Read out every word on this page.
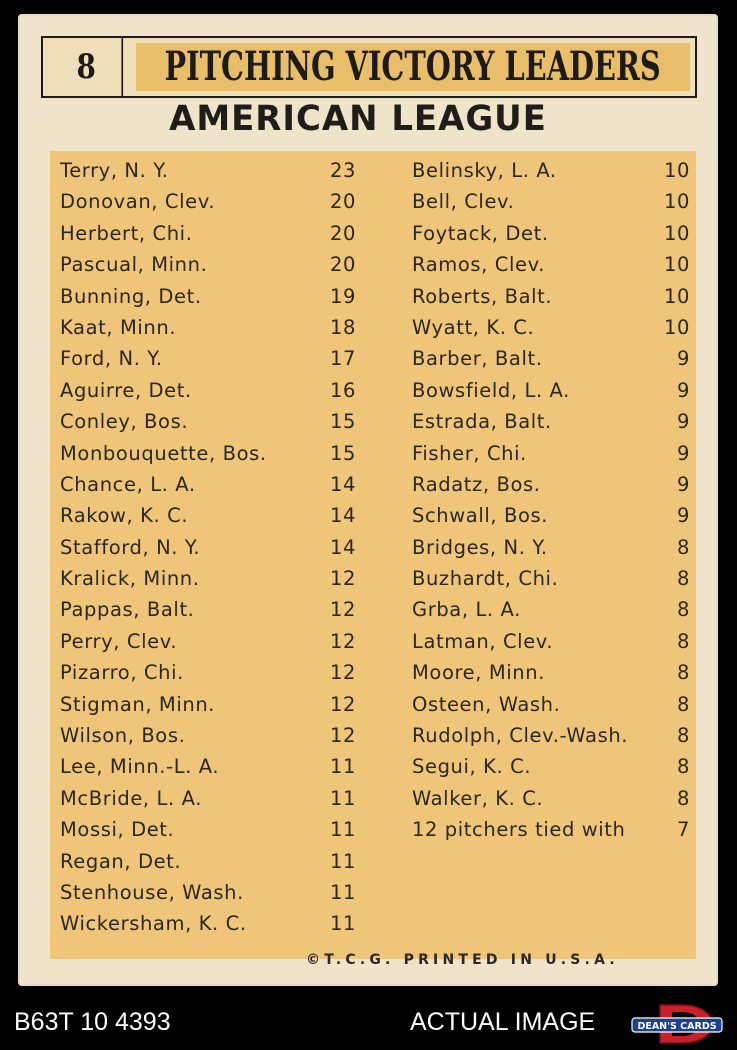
8	PITCHING VICTORY LEADERS
AMERICAN LEAGUE
Terry, N. Y.	23
Donovan, Clev.	20
Herbert, Chi.	20
Pascual, Minn.	20
Bunning, Det.	19
Kaat, Minn.	18
Ford, N. Y.	17
Aguirre, Det.	16
Conley, Bos.	15
Monbouquette, Bos.	15
Chance, L. A.	14
Rakow, K. C.	14
Stafford, N. Y.	14
Kralick, Minn.	12
Pappas, Balt.	12
Perry, Clev.	12
Pizarro, Chi.	12
Stigman, Minn.	12
Wilson, Bos.	12
Lee, Minn.-L. A.	11
McBride, L. A.	11
Mossi, Det.	11
Regan, Det.	11
Stenhouse, Wash.	11
Wickersham, K. C.	11
Belinsky, L. A.	10
Bell, Clev.	10
Foytack, Det.	10
Ramos, Clev.	10
Roberts, Balt.	10
Wyatt, K. C.	10
Barber, Balt.	9
Bowsfield, L. A.	9
Estrada, Balt.	9
Fisher, Chi.	9
Radatz, Bos.	9
Schwall, Bos.	9
Bridges, N. Y.	8
Buzhardt, Chi.	8
Grba, L. A.	8
Latman, Clev.	8
Moore, Minn.	8
Osteen, Wash.	8
Rudolph, Clev.-Wash.	8
Segui, K. C.	8
Walker, K. C.	8
12 pitchers tied with	7
©T.C.G. PRINTED IN U.S.A.
B63T 10 4393	ACTUAL IMAGE	DEAN'S CARDS
